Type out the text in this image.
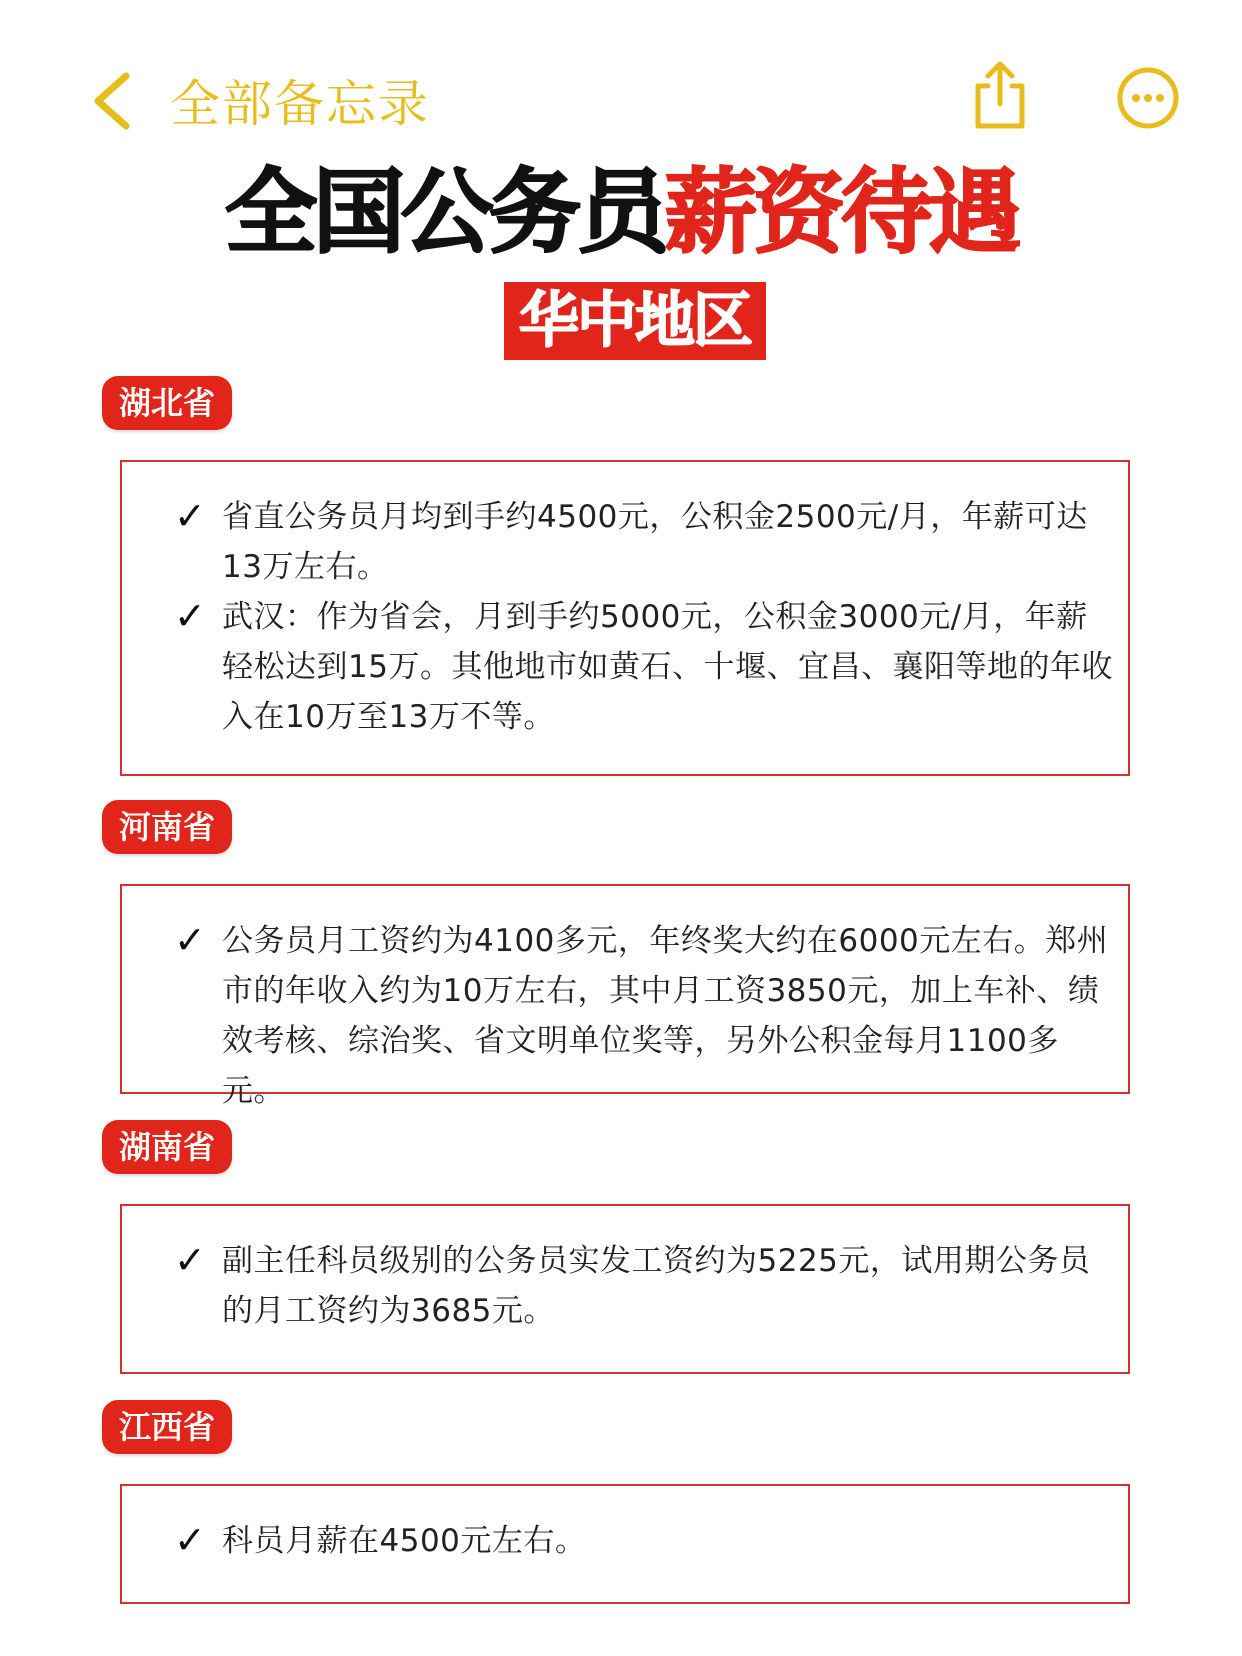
全部备忘录
全国公务员薪资待遇
华中地区
湖北省
✓ 省直公务员月均到手约4500元，公积金2500元/月，年薪可达13万左右。
✓ 武汉：作为省会，月到手约5000元，公积金3000元/月，年薪轻松达到15万。其他地市如黄石、十堰、宜昌、襄阳等地的年收入在10万至13万不等。
河南省
✓ 公务员月工资约为4100多元，年终奖大约在6000元左右。郑州市的年收入约为10万左右，其中月工资3850元，加上车补、绩效考核、综治奖、省文明单位奖等，另外公积金每月1100多元。
湖南省
✓ 副主任科员级别的公务员实发工资约为5225元，试用期公务员的月工资约为3685元。
江西省
✓ 科员月薪在4500元左右。
